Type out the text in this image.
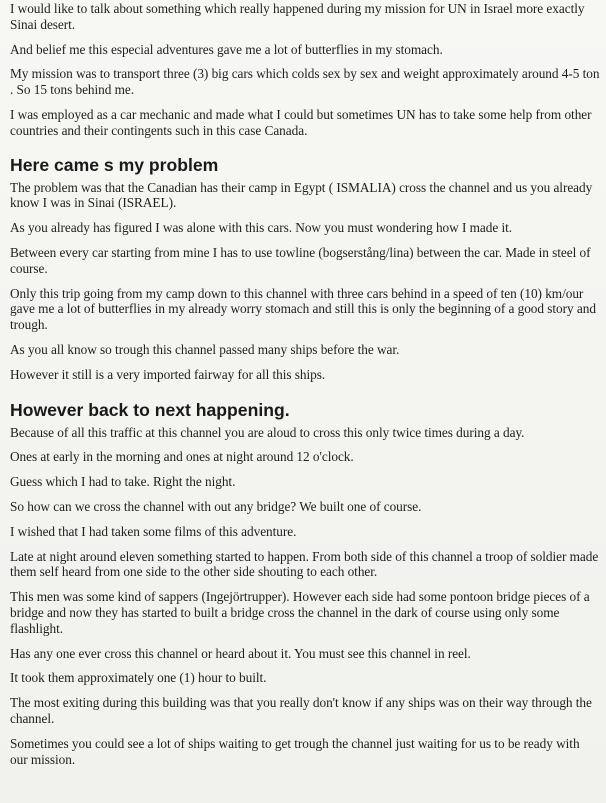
I would like to talk about something which really happened during my mission for UN in Israel more exactly Sinai desert.

And belief me this especial adventures gave me a lot of butterflies in my stomach.

My mission was to transport three (3) big cars which colds sex by sex and weight approximately around 4-5 ton . So 15 tons behind me.

I was employed as a car mechanic and made what I could but sometimes UN has to take some help from other countries and their contingents such in this case Canada.

Here came s my problem

The problem was that the Canadian has their camp in Egypt ( ISMALIA) cross the channel and us you already know I was in Sinai (ISRAEL).

As you already has figured I was alone with this cars. Now you must wondering how I made it.

Between every car starting from mine I has to use towline (bogserstång/lina) between the car. Made in steel of course.

Only this trip going from my camp down to this channel with three cars behind in a speed of ten (10) km/our gave me a lot of butterflies in my already worry stomach and still this is only the beginning of a good story and trough.

As you all know so trough this channel passed many ships before the war.

However it still is a very imported fairway for all this ships.

However back to next happening.

Because of all this traffic at this channel you are aloud to cross this only twice times during a day.

Ones at early in the morning and ones at night around 12 o'clock.

Guess which I had to take. Right the night.

So how can we cross the channel with out any bridge? We built one of course.

I wished that I had taken some films of this adventure.

Late at night around eleven something started to happen. From both side of this channel a troop of soldier made them self heard from one side to the other side shouting to each other.

This men was some kind of sappers (Ingejörtrupper). However each side had some pontoon bridge pieces of a bridge and now they has started to built a bridge cross the channel in the dark of course using only some flashlight.

Has any one ever cross this channel or heard about it. You must see this channel in reel.

It took them approximately one (1) hour to built.

The most exiting during this building was that you really don't know if any ships was on their way through the channel.

Sometimes you could see a lot of ships waiting to get trough the channel just waiting for us to be ready with our mission.
